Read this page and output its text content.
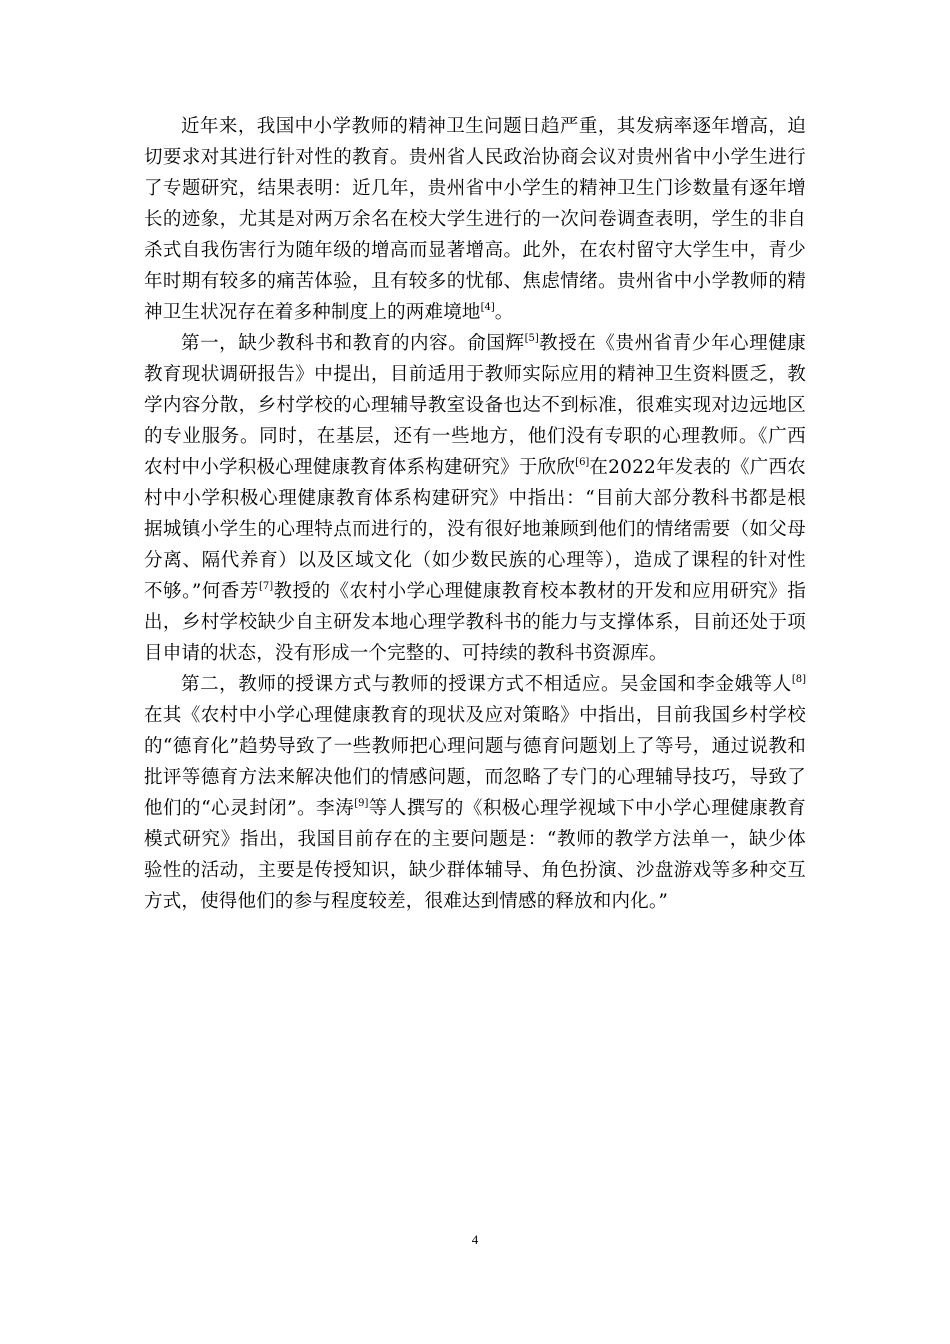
近年来，我国中小学教师的精神卫生问题日趋严重，其发病率逐年增高，迫切要求对其进行针对性的教育。贵州省人民政治协商会议对贵州省中小学生进行了专题研究，结果表明：近几年，贵州省中小学生的精神卫生门诊数量有逐年增长的迹象，尤其是对两万余名在校大学生进行的一次问卷调查表明，学生的非自杀式自我伤害行为随年级的增高而显著增高。此外，在农村留守大学生中，青少年时期有较多的痛苦体验，且有较多的忧郁、焦虑情绪。贵州省中小学教师的精神卫生状况存在着多种制度上的两难境地[4]。

第一，缺少教科书和教育的内容。俞国辉[5]教授在《贵州省青少年心理健康教育现状调研报告》中提出，目前适用于教师实际应用的精神卫生资料匮乏，教学内容分散，乡村学校的心理辅导教室设备也达不到标准，很难实现对边远地区的专业服务。同时，在基层，还有一些地方，他们没有专职的心理教师。《广西农村中小学积极心理健康教育体系构建研究》于欣欣[6]在2022年发表的《广西农村中小学积极心理健康教育体系构建研究》中指出：“目前大部分教科书都是根据城镇小学生的心理特点而进行的，没有很好地兼顾到他们的情绪需要（如父母分离、隔代养育）以及区域文化（如少数民族的心理等），造成了课程的针对性不够。”何香芳[7]教授的《农村小学心理健康教育校本教材的开发和应用研究》指出，乡村学校缺少自主研发本地心理学教科书的能力与支撑体系，目前还处于项目申请的状态，没有形成一个完整的、可持续的教科书资源库。

第二，教师的授课方式与教师的授课方式不相适应。吴金国和李金娥等人[8]在其《农村中小学心理健康教育的现状及应对策略》中指出，目前我国乡村学校的“德育化”趋势导致了一些教师把心理问题与德育问题划上了等号，通过说教和批评等德育方法来解决他们的情感问题，而忽略了专门的心理辅导技巧，导致了他们的“心灵封闭”。李涛[9]等人撰写的《积极心理学视域下中小学心理健康教育模式研究》指出，我国目前存在的主要问题是：“教师的教学方法单一，缺少体验性的活动，主要是传授知识，缺少群体辅导、角色扮演、沙盘游戏等多种交互方式，使得他们的参与程度较差，很难达到情感的释放和内化。”

4
